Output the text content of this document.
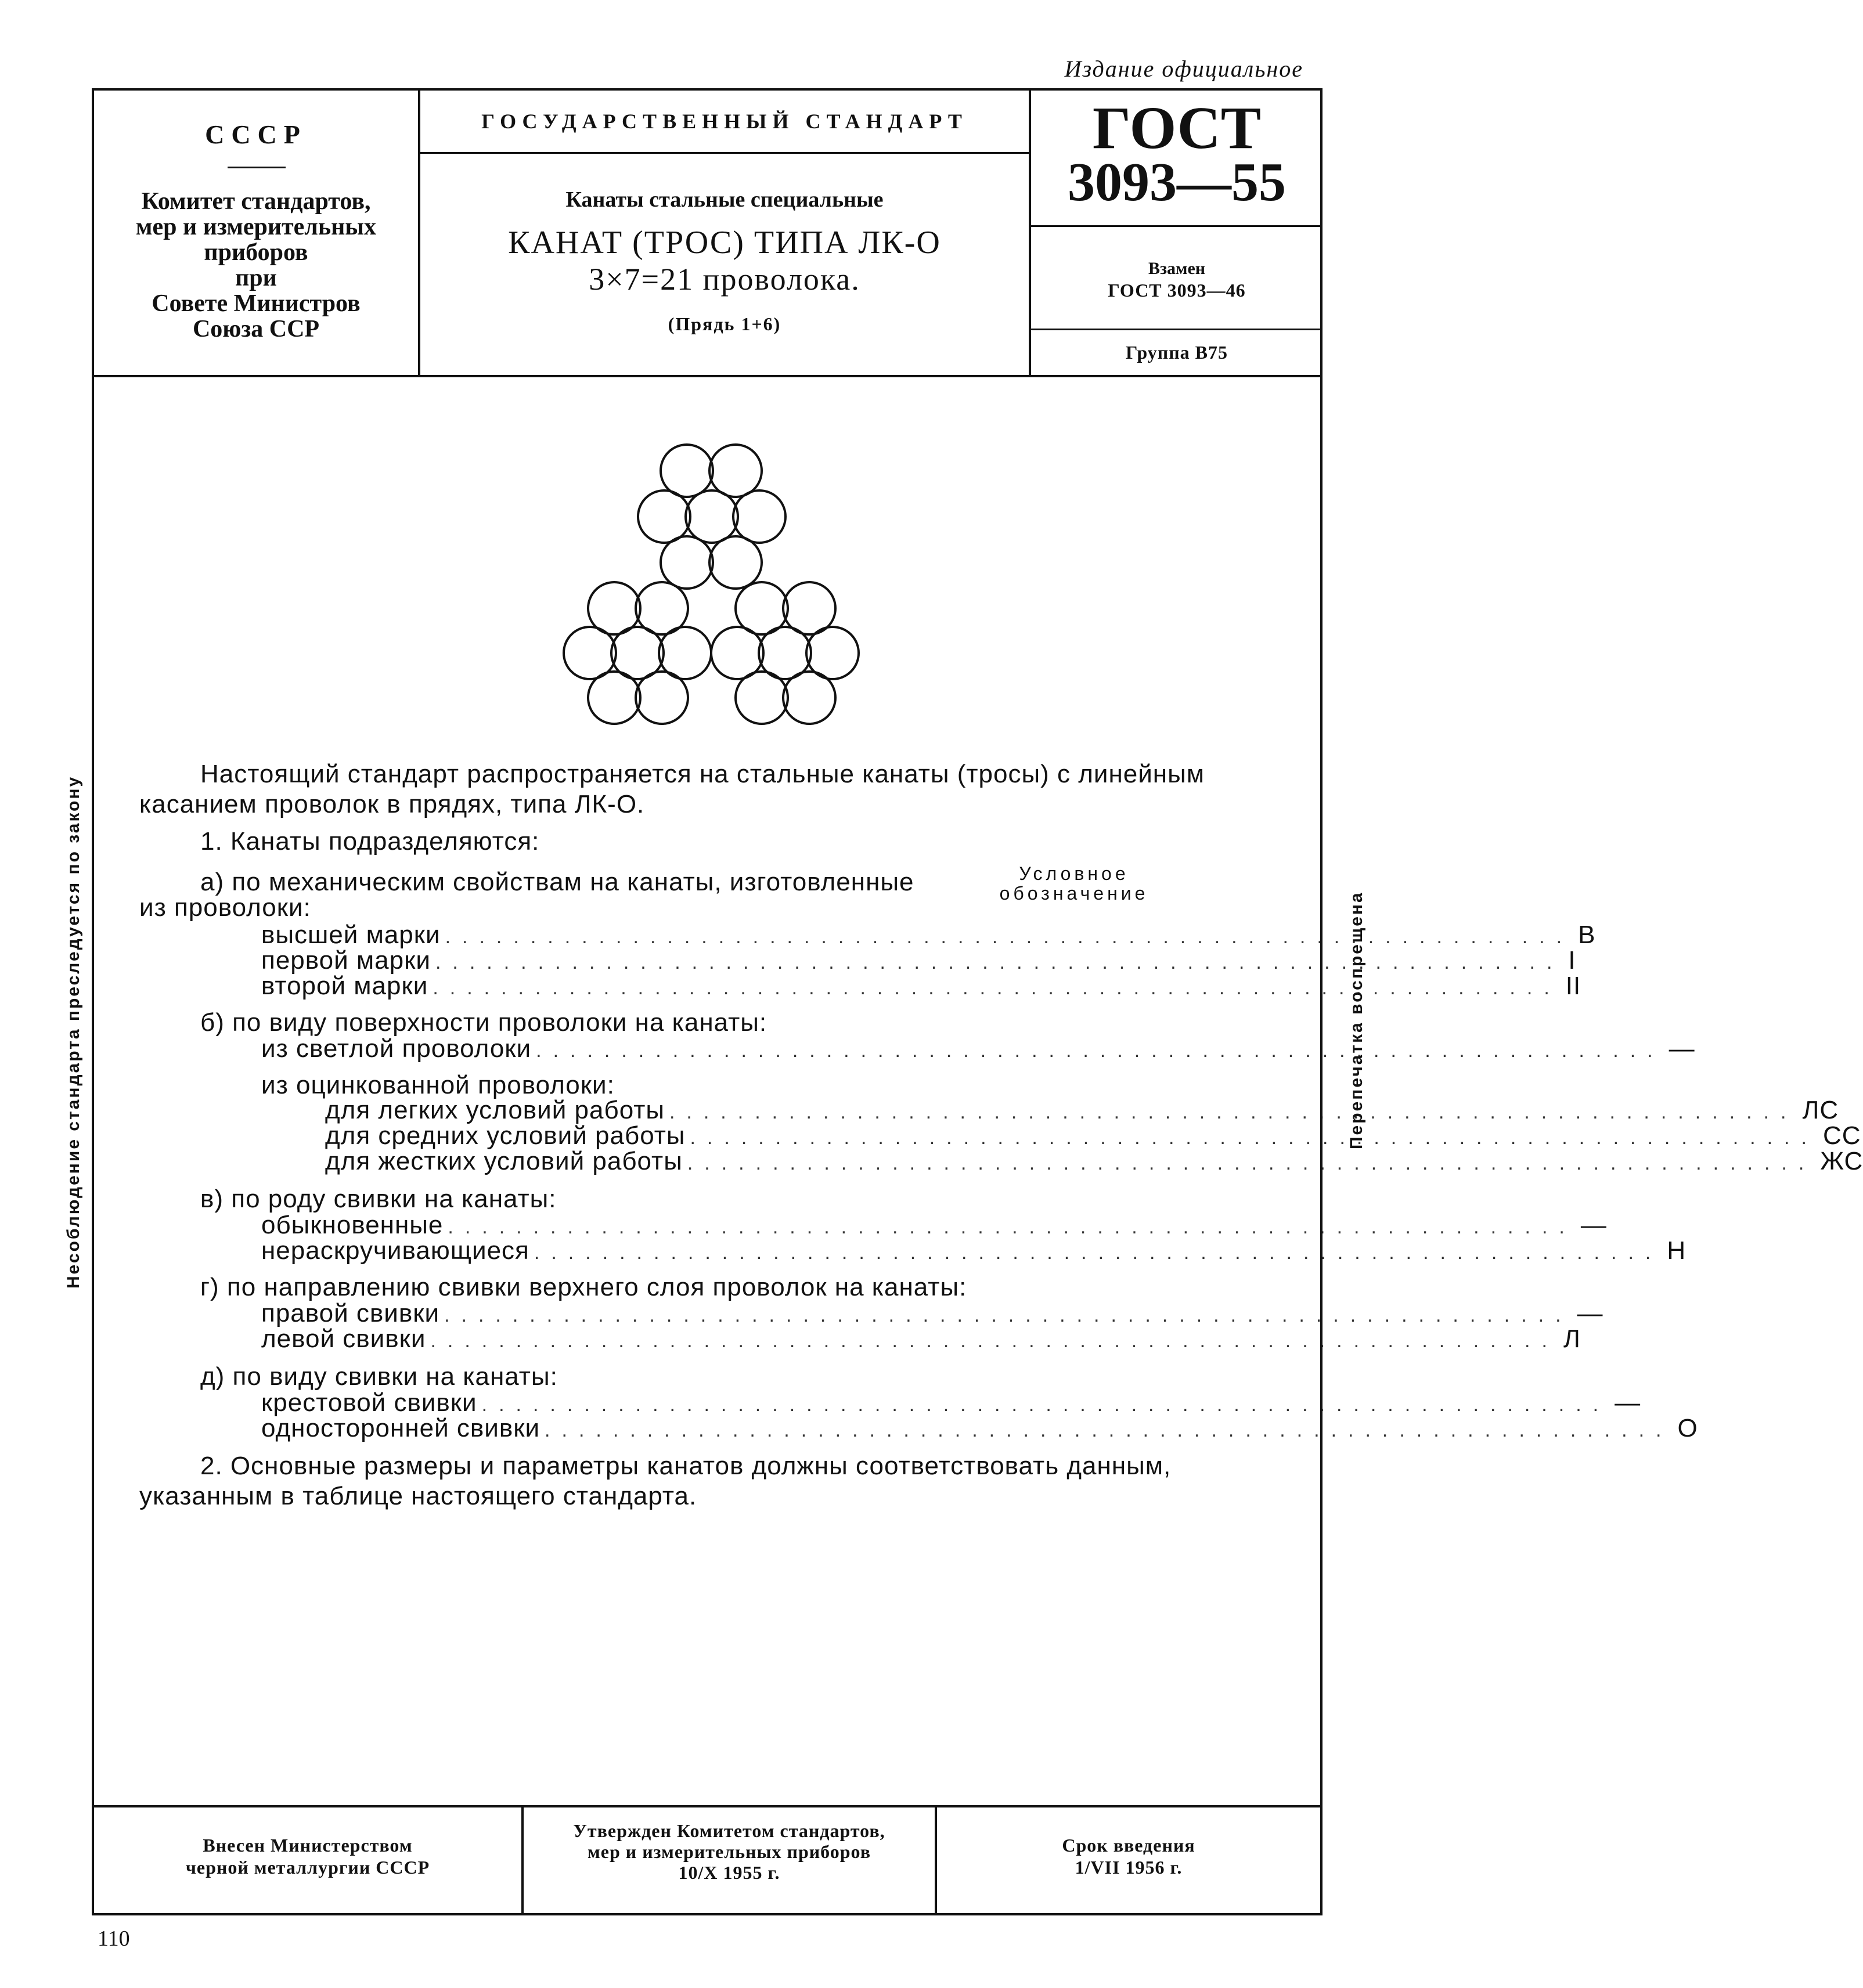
Издание официальное
СССР
Комитет стандартов,
мер и измерительных
приборов
при
Совете Министров
Союза ССР
ГОСУДАРСТВЕННЫЙ СТАНДАРТ
Канаты стальные специальные
КАНАТ (ТРОС) ТИПА ЛК-О
3×7=21 проволока.
(Прядь 1+6)
ГОСТ
3093—55
Взамен
ГОСТ 3093—46
Группа В75
Настоящий стандарт распространяется на стальные канаты (тросы) с линейным
касанием проволок в прядях, типа ЛК-О.
1. Канаты подразделяются:
Условное
обозначение
а) по механическим свойствам на канаты, изготовленные
из проволоки:
высшей марки .................................................................. В
первой марки .................................................................. I
второй марки .................................................................. II
б) по виду поверхности проволоки на канаты:
из светлой проволоки .................................................................. —
из оцинкованной проволоки:
для легких условий работы .................................................................. ЛС
для средних условий работы .................................................................. СС
для жестких условий работы .................................................................. ЖС
в) по роду свивки на канаты:
обыкновенные .................................................................. —
нераскручивающиеся .................................................................. Н
г) по направлению свивки верхнего слоя проволок на канаты:
правой свивки .................................................................. —
левой свивки .................................................................. Л
д) по виду свивки на канаты:
крестовой свивки .................................................................. —
односторонней свивки .................................................................. О
2. Основные размеры и параметры канатов должны соответствовать данным,
указанным в таблице настоящего стандарта.
Несоблюдение стандарта преследуется по закону	Перепечатка воспрещена
Внесен Министерством
черной металлургии СССР
Утвержден Комитетом стандартов,
мер и измерительных приборов
10/X 1955 г.
Срок введения
1/VII 1956 г.
110
